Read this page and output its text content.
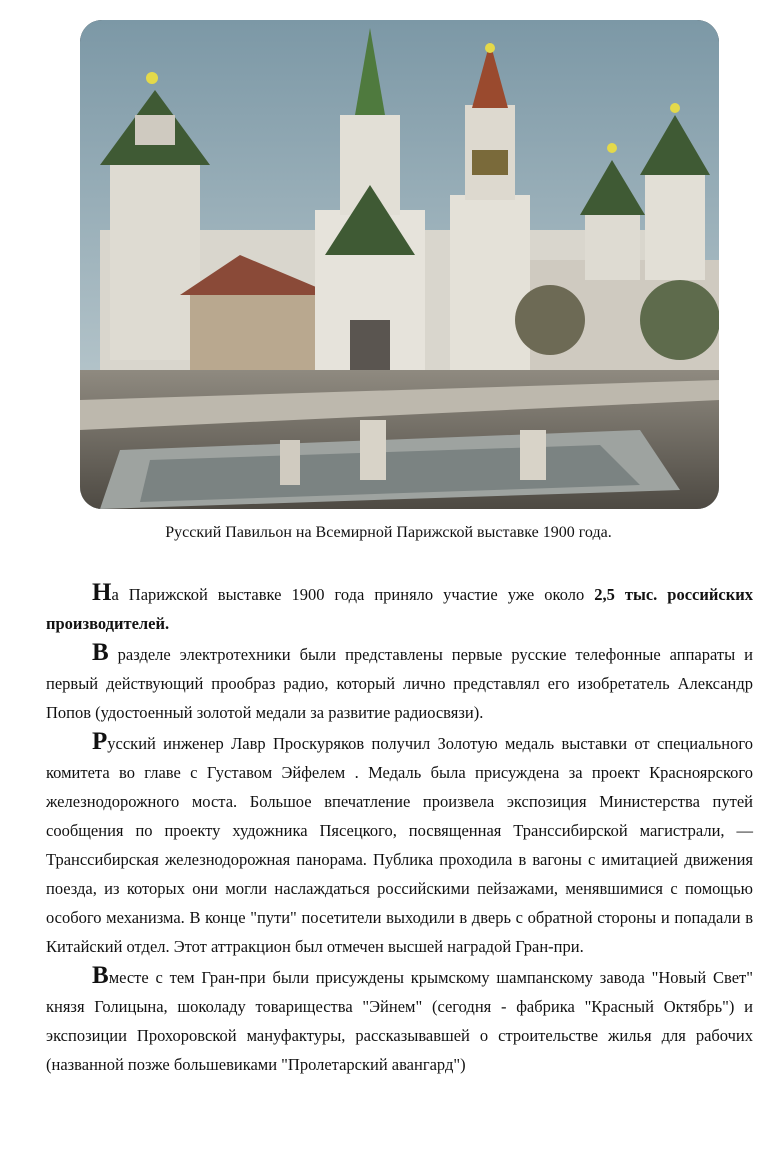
Русский Павильон на Всемирной Парижской выставке 1900 года.

На Парижской выставке 1900 года приняло участие уже около 2,5 тыс. российских производителей.

В разделе электротехники были представлены первые русские телефонные аппараты и первый действующий прообраз радио, который лично представлял его изобретатель Александр Попов (удостоенный золотой медали за развитие радиосвязи).

Русский инженер Лавр Проскуряков получил Золотую медаль выставки от специального комитета во главе с Густавом Эйфелем . Медаль была присуждена за проект Красноярского железнодорожного моста. Большое впечатление произвела экспозиция Министерства путей сообщения по проекту художника Пясецкого, посвященная Транссибирской магистрали, — Транссибирская железнодорожная панорама. Публика проходила в вагоны с имитацией движения поезда, из которых они могли наслаждаться российскими пейзажами, менявшимися с помощью особого механизма. В конце "пути" посетители выходили в дверь с обратной стороны и попадали в Китайский отдел. Этот аттракцион был отмечен высшей наградой Гран-при.

Вместе с тем Гран-при были присуждены крымскому шампанскому завода "Новый Свет" князя Голицына, шоколаду товарищества "Эйнем" (сегодня - фабрика "Красный Октябрь") и экспозиции Прохоровской мануфактуры, рассказывавшей о строительстве жилья для рабочих (названной позже большевиками "Пролетарский авангард")
